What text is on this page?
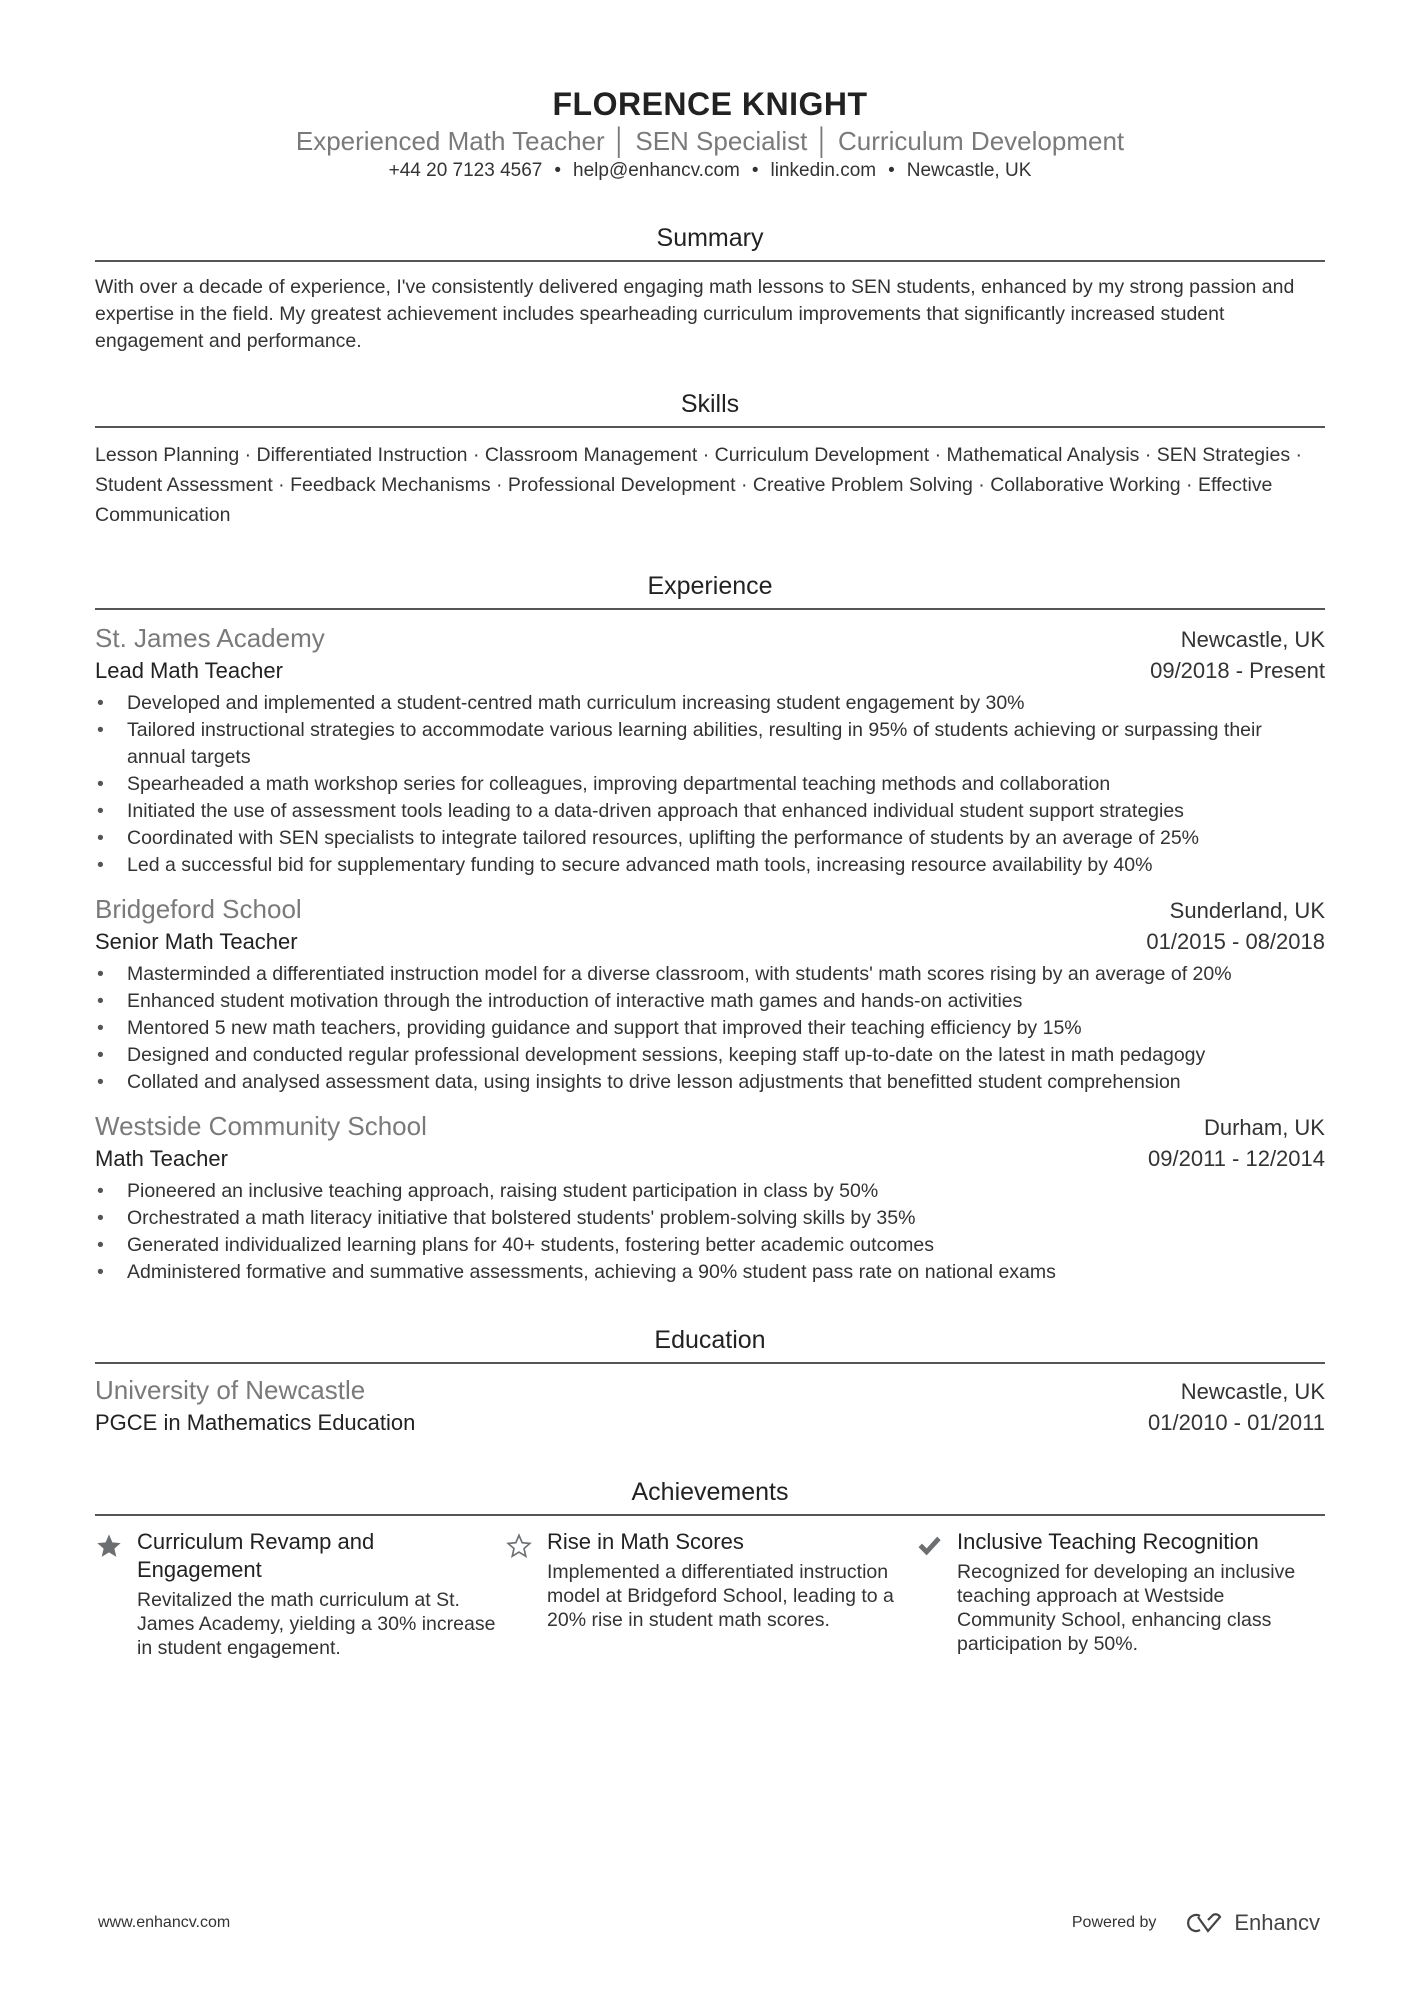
FLORENCE KNIGHT
Experienced Math Teacher │ SEN Specialist │ Curriculum Development
+44 20 7123 4567 • help@enhancv.com • linkedin.com • Newcastle, UK
Summary

With over a decade of experience, I've consistently delivered engaging math lessons to SEN students, enhanced by my strong passion and expertise in the field. My greatest achievement includes spearheading curriculum improvements that significantly increased student engagement and performance.

Skills

Lesson Planning · Differentiated Instruction · Classroom Management · Curriculum Development · Mathematical Analysis · SEN Strategies · Student Assessment · Feedback Mechanisms · Professional Development · Creative Problem Solving · Collaborative Working · Effective Communication

Experience
St. James Academy	Newcastle, UK
Lead Math Teacher	09/2018 - Present
• Developed and implemented a student-centred math curriculum increasing student engagement by 30%
• Tailored instructional strategies to accommodate various learning abilities, resulting in 95% of students achieving or surpassing their annual targets
• Spearheaded a math workshop series for colleagues, improving departmental teaching methods and collaboration
• Initiated the use of assessment tools leading to a data-driven approach that enhanced individual student support strategies
• Coordinated with SEN specialists to integrate tailored resources, uplifting the performance of students by an average of 25%
• Led a successful bid for supplementary funding to secure advanced math tools, increasing resource availability by 40%
Bridgeford School	Sunderland, UK
Senior Math Teacher	01/2015 - 08/2018
• Masterminded a differentiated instruction model for a diverse classroom, with students' math scores rising by an average of 20%
• Enhanced student motivation through the introduction of interactive math games and hands-on activities
• Mentored 5 new math teachers, providing guidance and support that improved their teaching efficiency by 15%
• Designed and conducted regular professional development sessions, keeping staff up-to-date on the latest in math pedagogy
• Collated and analysed assessment data, using insights to drive lesson adjustments that benefitted student comprehension
Westside Community School	Durham, UK
Math Teacher	09/2011 - 12/2014
• Pioneered an inclusive teaching approach, raising student participation in class by 50%
• Orchestrated a math literacy initiative that bolstered students' problem-solving skills by 35%
• Generated individualized learning plans for 40+ students, fostering better academic outcomes
• Administered formative and summative assessments, achieving a 90% student pass rate on national exams
Education
University of Newcastle	Newcastle, UK
PGCE in Mathematics Education	01/2010 - 01/2011
Achievements
Curriculum Revamp and Engagement
Revitalized the math curriculum at St. James Academy, yielding a 30% increase in student engagement.
Rise in Math Scores
Implemented a differentiated instruction model at Bridgeford School, leading to a 20% rise in student math scores.
Inclusive Teaching Recognition
Recognized for developing an inclusive teaching approach at Westside Community School, enhancing class participation by 50%.
www.enhancv.com	Powered by	Enhancv
